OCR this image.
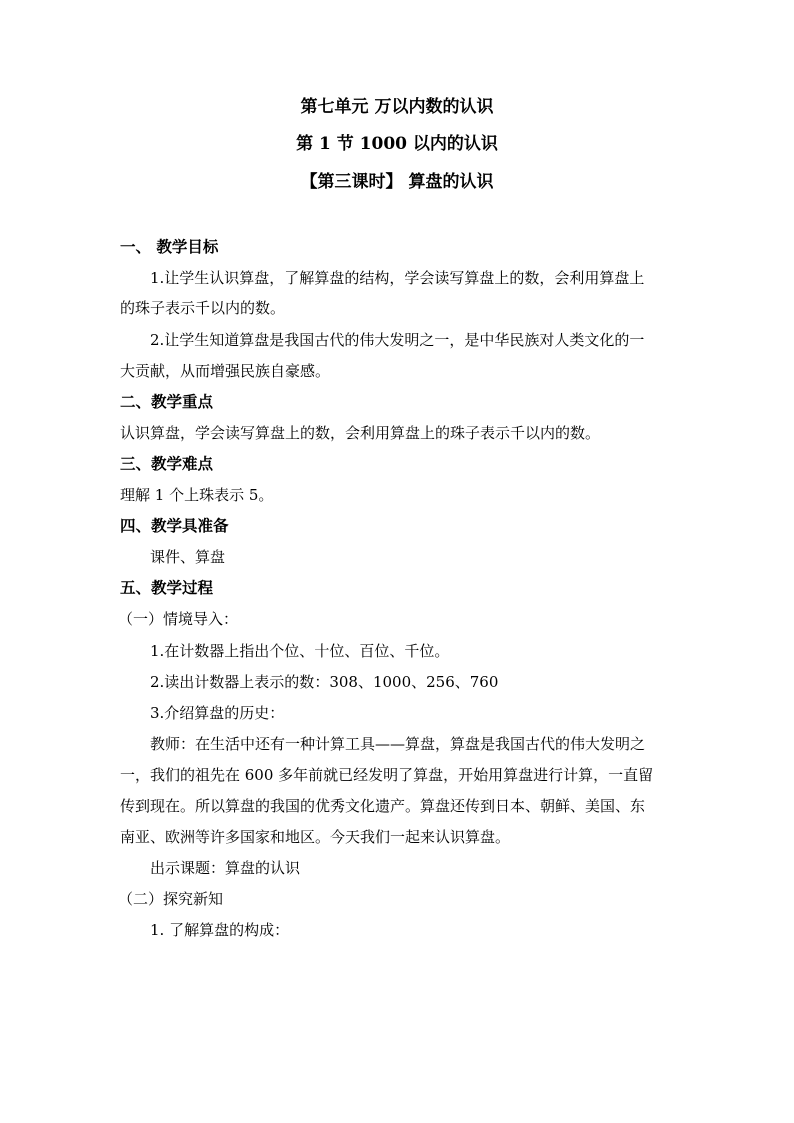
第七单元 万以内数的认识
第 1 节 1000 以内的认识
【第三课时】 算盘的认识
一、 教学目标
1.让学生认识算盘，了解算盘的结构，学会读写算盘上的数，会利用算盘上
的珠子表示千以内的数。
2.让学生知道算盘是我国古代的伟大发明之一，是中华民族对人类文化的一
大贡献，从而增强民族自豪感。
二、教学重点
认识算盘，学会读写算盘上的数，会利用算盘上的珠子表示千以内的数。
三、教学难点
理解 1 个上珠表示 5。
四、教学具准备
课件、算盘
五、教学过程
（一）情境导入：
1.在计数器上指出个位、十位、百位、千位。
2.读出计数器上表示的数：308、1000、256、760
3.介绍算盘的历史：
教师：在生活中还有一种计算工具——算盘，算盘是我国古代的伟大发明之
一，我们的祖先在 600 多年前就已经发明了算盘，开始用算盘进行计算，一直留
传到现在。所以算盘的我国的优秀文化遗产。算盘还传到日本、朝鲜、美国、东
南亚、欧洲等许多国家和地区。今天我们一起来认识算盘。
出示课题：算盘的认识
（二）探究新知
1. 了解算盘的构成：
